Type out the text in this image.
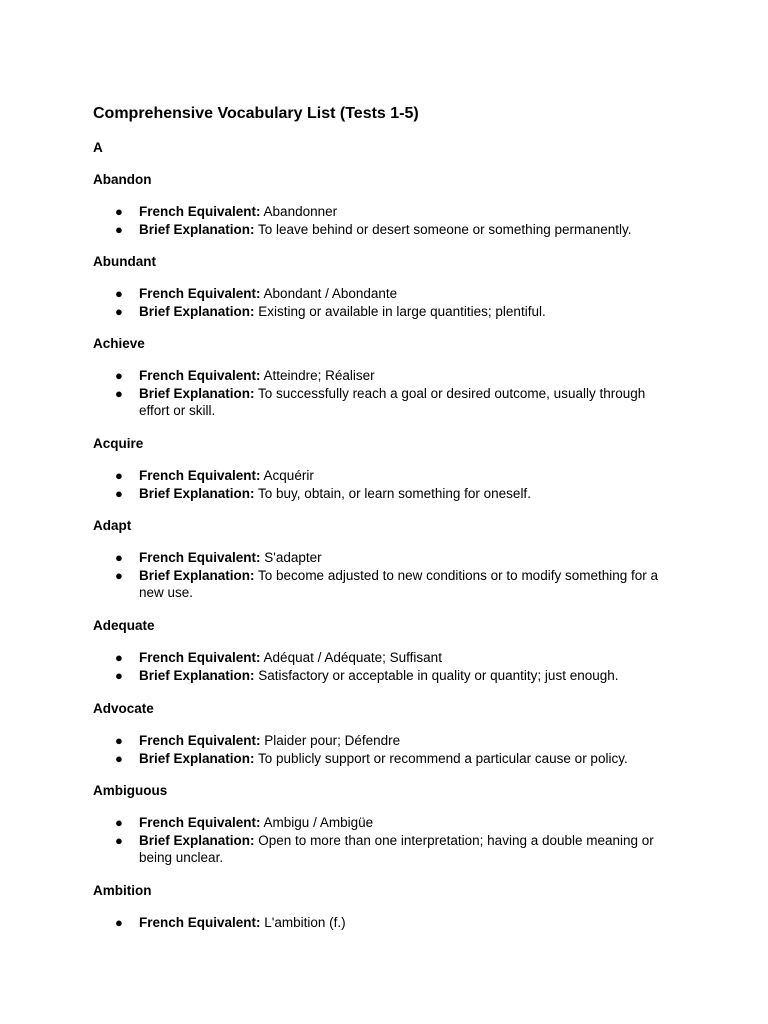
Comprehensive Vocabulary List (Tests 1-5)
A
Abandon
● French Equivalent: Abandonner
● Brief Explanation: To leave behind or desert someone or something permanently.
Abundant
● French Equivalent: Abondant / Abondante
● Brief Explanation: Existing or available in large quantities; plentiful.
Achieve
● French Equivalent: Atteindre; Réaliser
● Brief Explanation: To successfully reach a goal or desired outcome, usually through effort or skill.
Acquire
● French Equivalent: Acquérir
● Brief Explanation: To buy, obtain, or learn something for oneself.
Adapt
● French Equivalent: S'adapter
● Brief Explanation: To become adjusted to new conditions or to modify something for a new use.
Adequate
● French Equivalent: Adéquat / Adéquate; Suffisant
● Brief Explanation: Satisfactory or acceptable in quality or quantity; just enough.
Advocate
● French Equivalent: Plaider pour; Défendre
● Brief Explanation: To publicly support or recommend a particular cause or policy.
Ambiguous
● French Equivalent: Ambigu / Ambigüe
● Brief Explanation: Open to more than one interpretation; having a double meaning or being unclear.
Ambition
● French Equivalent: L'ambition (f.)
